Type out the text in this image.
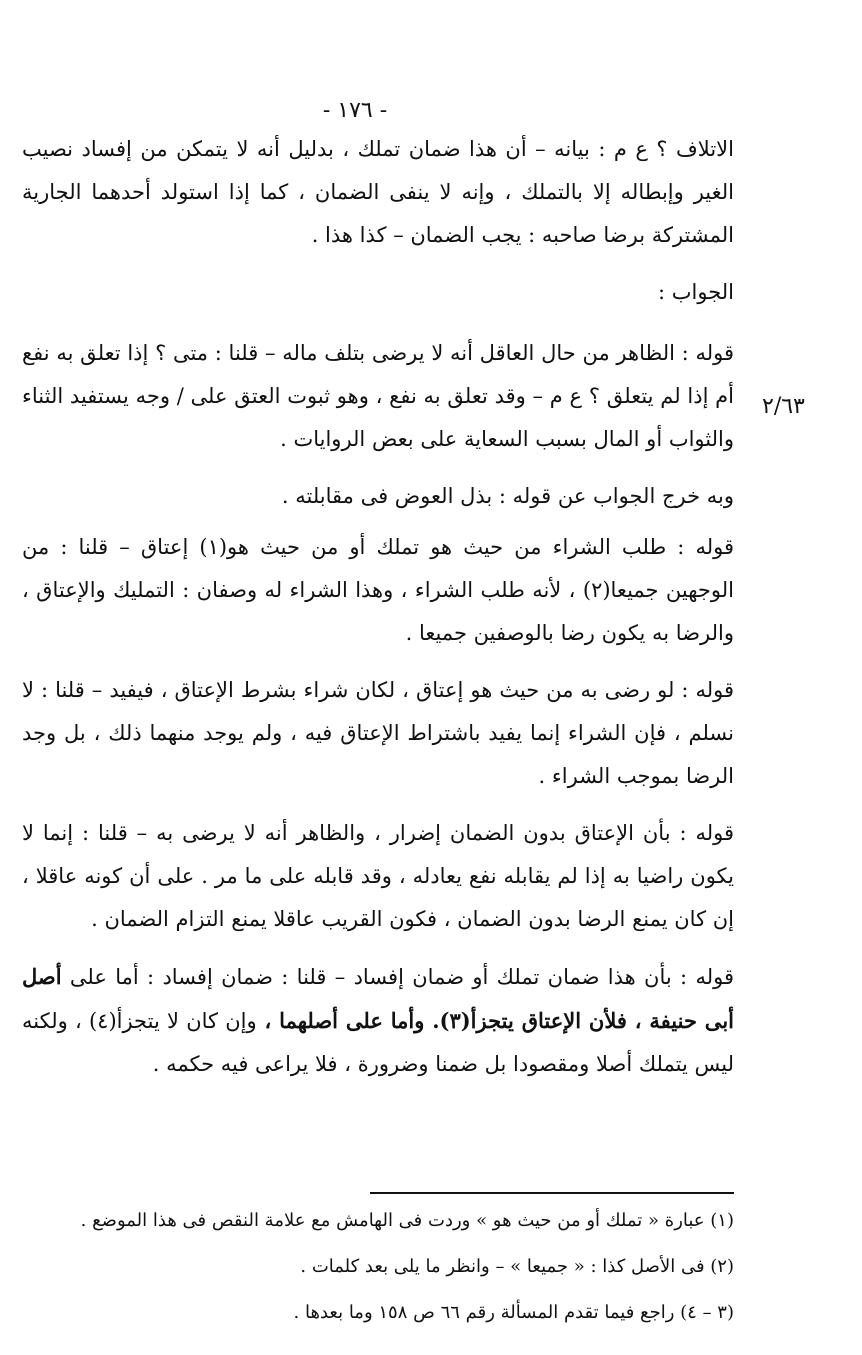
- ١٧٦ -
٢/٦٣

الاتلاف ؟ ع م : بيانه – أن هذا ضمان تملك ، بدليل أنه لا يتمكن من إفساد نصيب الغير وإبطاله إلا بالتملك ، وإنه لا ينفى الضمان ، كما إذا استولد أحدهما الجارية المشتركة برضا صاحبه : يجب الضمان – كذا هذا .

الجواب :

قوله : الظاهر من حال العاقل أنه لا يرضى بتلف ماله – قلنا : متى ؟ إذا تعلق به نفع أم إذا لم يتعلق ؟ ع م – وقد تعلق به نفع ، وهو ثبوت العتق على / وجه يستفيد الثناء والثواب أو المال بسبب السعاية على بعض الروايات .

وبه خرج الجواب عن قوله : بذل العوض فى مقابلته .

قوله : طلب الشراء من حيث هو تملك أو من حيث هو(١) إعتاق – قلنا : من الوجهين جميعا(٢) ، لأنه طلب الشراء ، وهذا الشراء له وصفان : التمليك والإعتاق ، والرضا به يكون رضا بالوصفين جميعا .

قوله : لو رضى به من حيث هو إعتاق ، لكان شراء بشرط الإعتاق ، فيفيد – قلنا : لا نسلم ، فإن الشراء إنما يفيد باشتراط الإعتاق فيه ، ولم يوجد منهما ذلك ، بل وجد الرضا بموجب الشراء .

قوله : بأن الإعتاق بدون الضمان إضرار ، والظاهر أنه لا يرضى به – قلنا : إنما لا يكون راضيا به إذا لم يقابله نفع يعادله ، وقد قابله على ما مر . على أن كونه عاقلا ، إن كان يمنع الرضا بدون الضمان ، فكون القريب عاقلا يمنع التزام الضمان .

قوله : بأن هذا ضمان تملك أو ضمان إفساد – قلنا : ضمان إفساد : أما على أصل أبى حنيفة ، فلأن الإعتاق يتجزأ(٣). وأما على أصلهما ، وإن كان لا يتجزأ(٤) ، ولكنه ليس يتملك أصلا ومقصودا بل ضمنا وضرورة ، فلا يراعى فيه حكمه .

(١) عبارة « تملك أو من حيث هو » وردت فى الهامش مع علامة النقص فى هذا الموضع .

(٢) فى الأصل كذا : « جميعا » – وانظر ما يلى بعد كلمات .

(٣ – ٤) راجع فيما تقدم المسألة رقم ٦٦ ص ١٥٨ وما بعدها .
